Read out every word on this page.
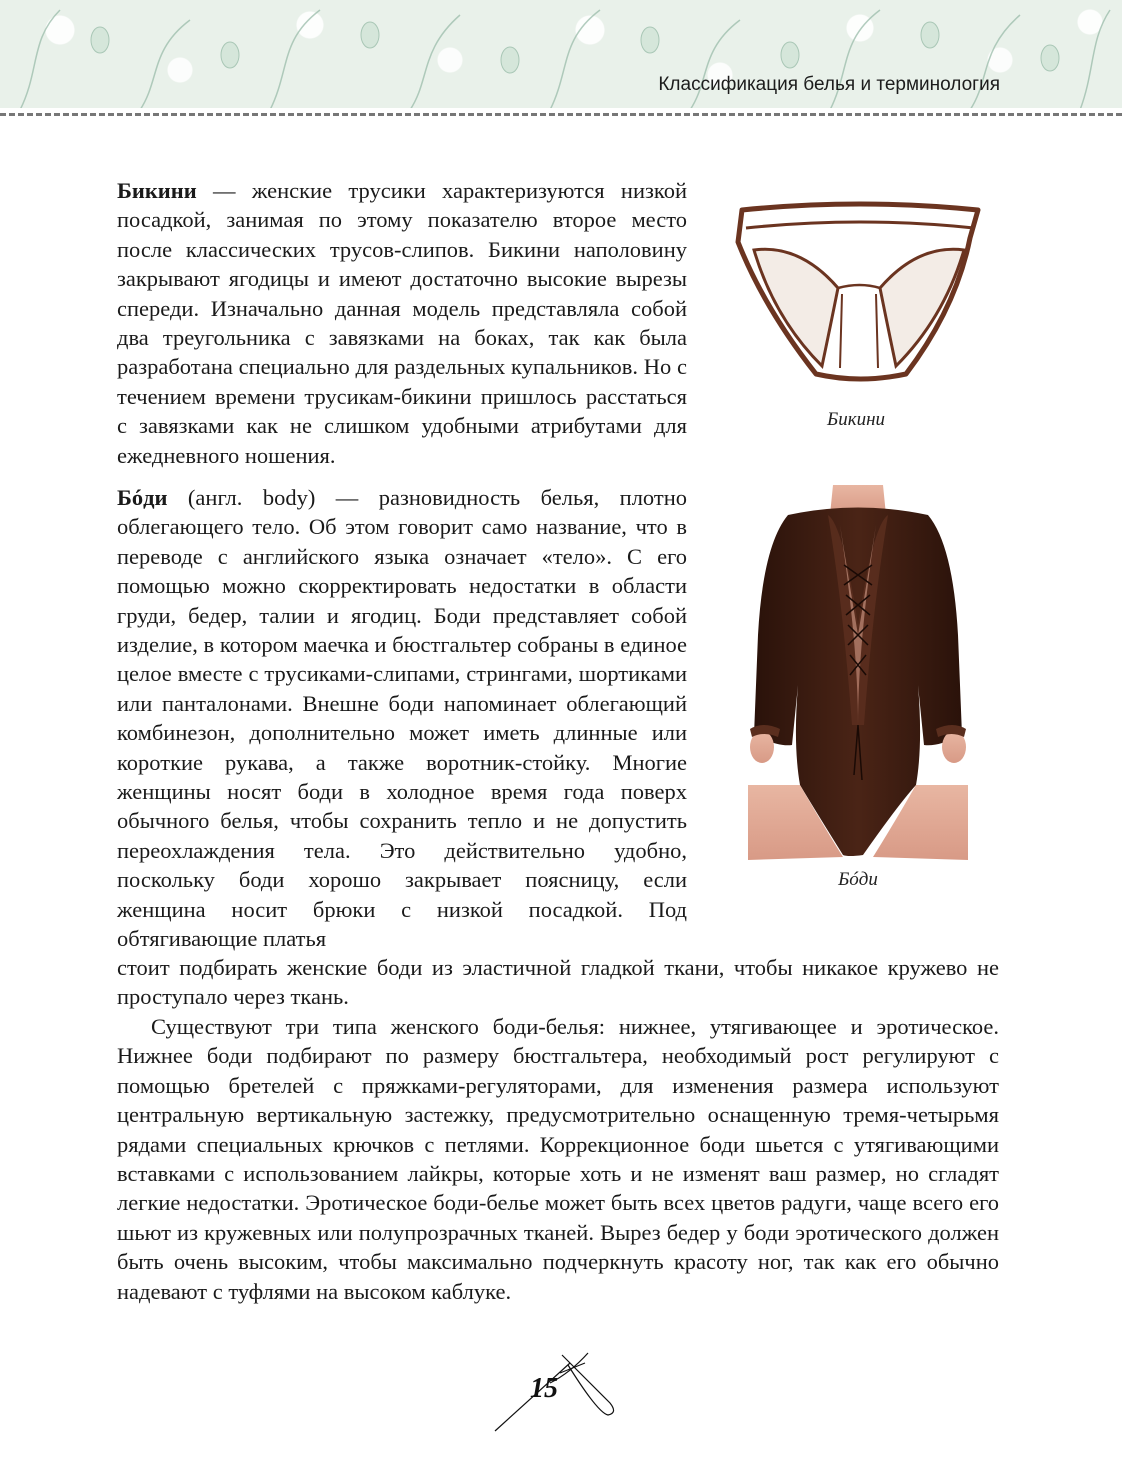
Классификация белья и терминология

Бикини — женские трусики характеризуются низкой посадкой, занимая по этому показателю второе место после классических трусов-слипов. Бикини наполовину закрывают ягодицы и имеют достаточно высокие вырезы спереди. Изначально данная модель представляла собой два треугольника с завязками на боках, так как была разработана специально для раздельных купальников. Но с течением времени трусикам-бикини пришлось расстаться с завязками как не слишком удобными атрибутами для ежедневного ношения.

Бикини

Бóди (англ. body) — разновидность белья, плотно облегающего тело. Об этом говорит само название, что в переводе с английского языка означает «тело». С его помощью можно скорректировать недостатки в области груди, бедер, талии и ягодиц. Боди представляет собой изделие, в котором маечка и бюстгальтер собраны в единое целое вместе с трусиками-слипами, стрингами, шортиками или панталонами. Внешне боди напоминает облегающий комбинезон, дополнительно может иметь длинные или короткие рукава, а также воротник-стойку. Многие женщины носят боди в холодное время года поверх обычного белья, чтобы сохранить тепло и не допустить переохлаждения тела. Это действительно удобно, поскольку боди хорошо закрывает поясницу, если женщина носит брюки с низкой посадкой. Под обтягивающие платья

Бóди

стоит подбирать женские боди из эластичной гладкой ткани, чтобы никакое кружево не проступало через ткань.

Существуют три типа женского боди-белья: нижнее, утягивающее и эротическое. Нижнее боди подбирают по размеру бюстгальтера, необходимый рост регулируют с помощью бретелей с пряжками-регуляторами, для изменения размера используют центральную вертикальную застежку, предусмотрительно оснащенную тремя-четырьмя рядами специальных крючков с петлями. Коррекционное боди шьется с утягивающими вставками с использованием лайкры, которые хоть и не изменят ваш размер, но сгладят легкие недостатки. Эротическое боди-белье может быть всех цветов радуги, чаще всего его шьют из кружевных или полупрозрачных тканей. Вырез бедер у боди эротического должен быть очень высоким, чтобы максимально подчеркнуть красоту ног, так как его обычно надевают с туфлями на высоком каблуке.

15
